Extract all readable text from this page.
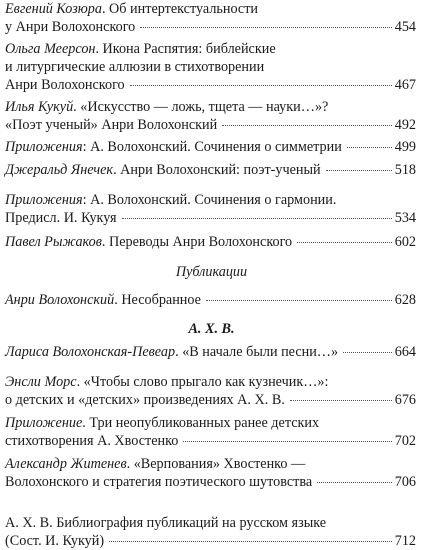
Евгений Козюра. Об интертекстуальности
у Анри Волохонского	454
Ольга Меерсон. Икона Распятия: библейские
и литургические аллюзии в стихотворении
Анри Волохонского	467
Илья Кукуй. «Искусство — ложь, тщета — науки…»?
«Поэт ученый» Анри Волохонский	492
Приложения: А. Волохонский. Сочинения о симметрии	499
Джеральд Янечек. Анри Волохонский: поэт-ученый	518
Приложения: А. Волохонский. Сочинения о гармонии.
Предисл. И. Кукуя	534
Павел Рыжаков. Переводы Анри Волохонского	602
Публикации
Анри Волохонский. Несобранное	628
А. Х. В.
Лариса Волохонская-Певеар. «В начале были песни…»	664
Энсли Морс. «Чтобы слово прыгало как кузнечик…»:
о детских и «детских» произведениях А. Х. В.	676
Приложение. Три неопубликованных ранее детских
стихотворения А. Хвостенко	702
Александр Житенев. «Верпования» Хвостенко —
Волохонского и стратегия поэтического шутовства	706
А. Х. В. Библиография публикаций на русском языке
(Сост. И. Кукуй)	712
